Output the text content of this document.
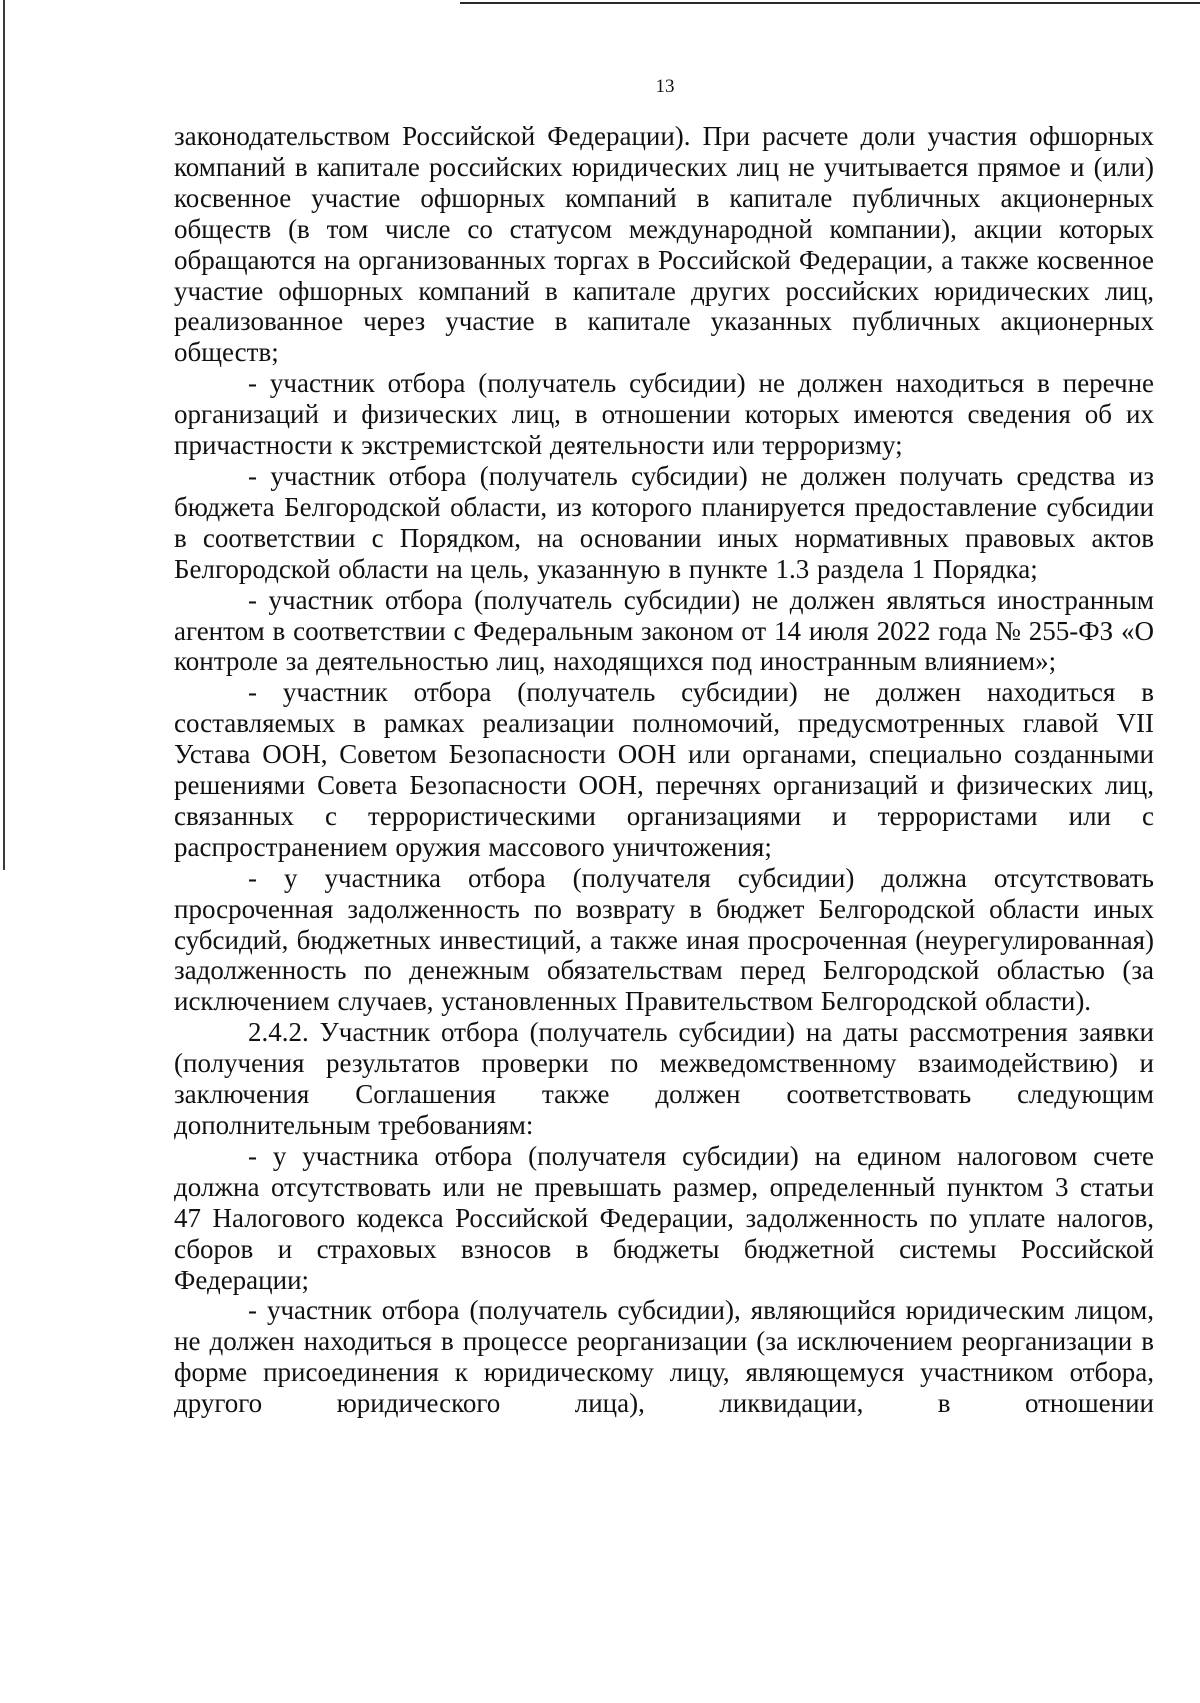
13

законодательством Российской Федерации). При расчете доли участия офшорных компаний в капитале российских юридических лиц не учитывается прямое и (или) косвенное участие офшорных компаний в капитале публичных акционерных обществ (в том числе со статусом международной компании), акции которых обращаются на организованных торгах в Российской Федерации, а также косвенное участие офшорных компаний в капитале других российских юридических лиц, реализованное через участие в капитале указанных публичных акционерных обществ;

- участник отбора (получатель субсидии) не должен находиться в перечне организаций и физических лиц, в отношении которых имеются сведения об их причастности к экстремистской деятельности или терроризму;

- участник отбора (получатель субсидии) не должен получать средства из бюджета Белгородской области, из которого планируется предоставление субсидии в соответствии с Порядком, на основании иных нормативных правовых актов Белгородской области на цель, указанную в пункте 1.3 раздела 1 Порядка;

- участник отбора (получатель субсидии) не должен являться иностранным агентом в соответствии с Федеральным законом от 14 июля 2022 года № 255-ФЗ «О контроле за деятельностью лиц, находящихся под иностранным влиянием»;

- участник отбора (получатель субсидии) не должен находиться в составляемых в рамках реализации полномочий, предусмотренных главой VII Устава ООН, Советом Безопасности ООН или органами, специально созданными решениями Совета Безопасности ООН, перечнях организаций и физических лиц, связанных с террористическими организациями и террористами или с распространением оружия массового уничтожения;

- у участника отбора (получателя субсидии) должна отсутствовать просроченная задолженность по возврату в бюджет Белгородской области иных субсидий, бюджетных инвестиций, а также иная просроченная (неурегулированная) задолженность по денежным обязательствам перед Белгородской областью (за исключением случаев, установленных Правительством Белгородской области).

2.4.2. Участник отбора (получатель субсидии) на даты рассмотрения заявки (получения результатов проверки по межведомственному взаимодействию) и заключения Соглашения также должен соответствовать следующим дополнительным требованиям:

- у участника отбора (получателя субсидии) на едином налоговом счете должна отсутствовать или не превышать размер, определенный пунктом 3 статьи 47 Налогового кодекса Российской Федерации, задолженность по уплате налогов, сборов и страховых взносов в бюджеты бюджетной системы Российской Федерации;

- участник отбора (получатель субсидии), являющийся юридическим лицом, не должен находиться в процессе реорганизации (за исключением реорганизации в форме присоединения к юридическому лицу, являющемуся участником отбора, другого юридического лица), ликвидации, в отношении
